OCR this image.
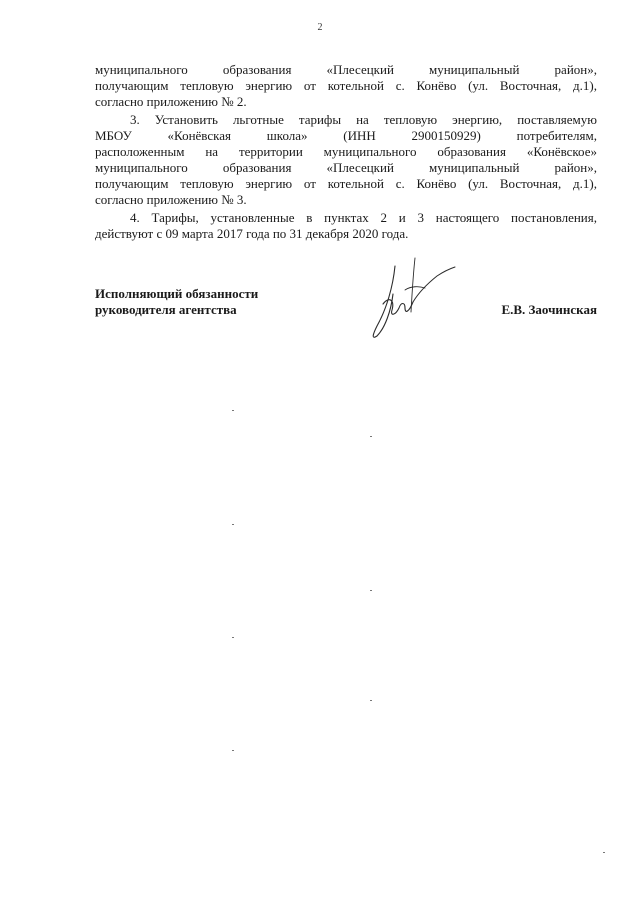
2
муниципального образования «Плесецкий муниципальный район»,
получающим тепловую энергию от котельной с. Конёво (ул. Восточная, д.1),
согласно приложению № 2.
3. Установить льготные тарифы на тепловую энергию, поставляемую
МБОУ «Конёвская школа» (ИНН 2900150929) потребителям,
расположенным на территории муниципального образования «Конёвское»
муниципального образования «Плесецкий муниципальный район»,
получающим тепловую энергию от котельной с. Конёво (ул. Восточная, д.1),
согласно приложению № 3.
4. Тарифы, установленные в пунктах 2 и 3 настоящего постановления,
действуют с 09 марта 2017 года по 31 декабря 2020 года.
Исполняющий обязанности
руководителя агентства	Е.В. Заочинская
